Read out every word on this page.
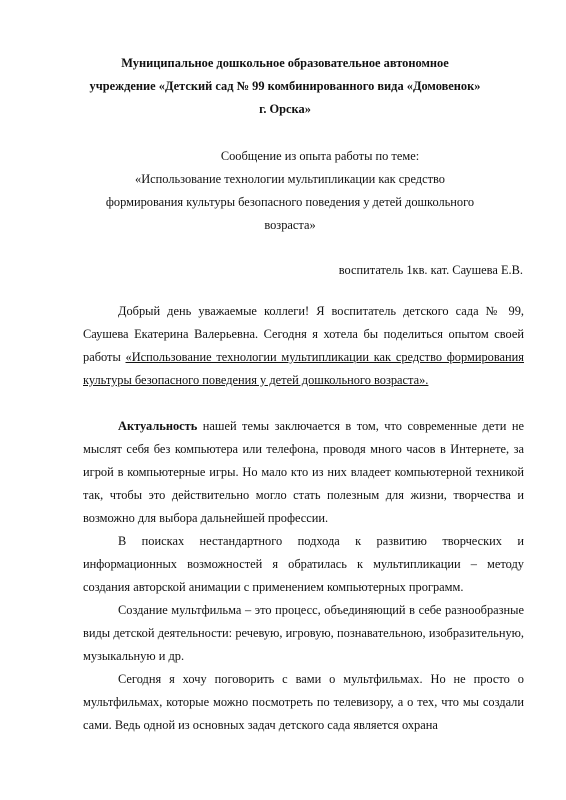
Муниципальное дошкольное образовательное автономное
учреждение «Детский сад № 99 комбинированного вида «Домовенок»
г. Орска»
Сообщение из опыта работы по теме:
«Использование технологии мультипликации как средство
формирования культуры безопасного поведения у детей дошкольного
возраста»
воспитатель 1кв. кат. Саушева Е.В.

Добрый день уважаемые коллеги! Я воспитатель детского сада № 99, Саушева Екатерина Валерьевна. Сегодня я хотела бы поделиться опытом своей работы «Использование технологии мультипликации как средство формирования культуры безопасного поведения у детей дошкольного возраста».

Актуальность нашей темы заключается в том, что современные дети не мыслят себя без компьютера или телефона, проводя много часов в Интернете, за игрой в компьютерные игры. Но мало кто из них владеет компьютерной техникой так, чтобы это действительно могло стать полезным для жизни, творчества и возможно для выбора дальнейшей профессии.

В поисках нестандартного подхода к развитию творческих и информационных возможностей я обратилась к мультипликации – методу создания авторской анимации с применением компьютерных программ.

Создание мультфильма – это процесс, объединяющий в себе разнообразные виды детской деятельности: речевую, игровую, познавательною, изобразительную, музыкальную и др.

Сегодня я хочу поговорить с вами о мультфильмах. Но не просто о мультфильмах, которые можно посмотреть по телевизору, а о тех, что мы создали сами. Ведь одной из основных задач детского сада является охрана
